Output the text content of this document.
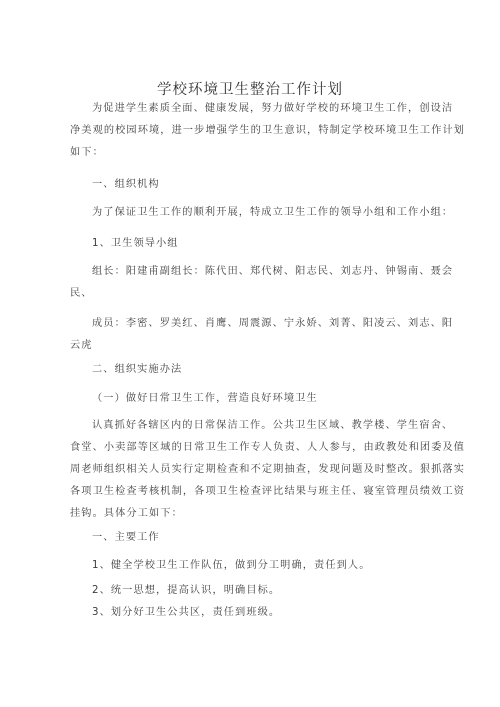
学校环境卫生整治工作计划
为促进学生素质全面、健康发展，努力做好学校的环境卫生工作，创设洁
净美观的校园环境，进一步增强学生的卫生意识，特制定学校环境卫生工作计划
如下：
一、组织机构
为了保证卫生工作的顺利开展，特成立卫生工作的领导小组和工作小组：
1、卫生领导小组
组长：阳建甫副组长：陈代田、郑代树、阳志民、刘志丹、钟锡南、聂会
民、
成员：李密、罗美红、肖鹰、周震源、宁永娇、刘菁、阳凌云、刘志、阳
云虎
二、组织实施办法
（一）做好日常卫生工作，营造良好环境卫生
认真抓好各辖区内的日常保洁工作。公共卫生区域、教学楼、学生宿舍、
食堂、小卖部等区域的日常卫生工作专人负责、人人参与，由政教处和团委及值
周老师组织相关人员实行定期检查和不定期抽查，发现问题及时整改。狠抓落实
各项卫生检查考核机制，各项卫生检查评比结果与班主任、寝室管理员绩效工资
挂钩。具体分工如下：
一、主要工作
1、健全学校卫生工作队伍，做到分工明确，责任到人。
2、统一思想，提高认识，明确目标。
3、划分好卫生公共区，责任到班级。
